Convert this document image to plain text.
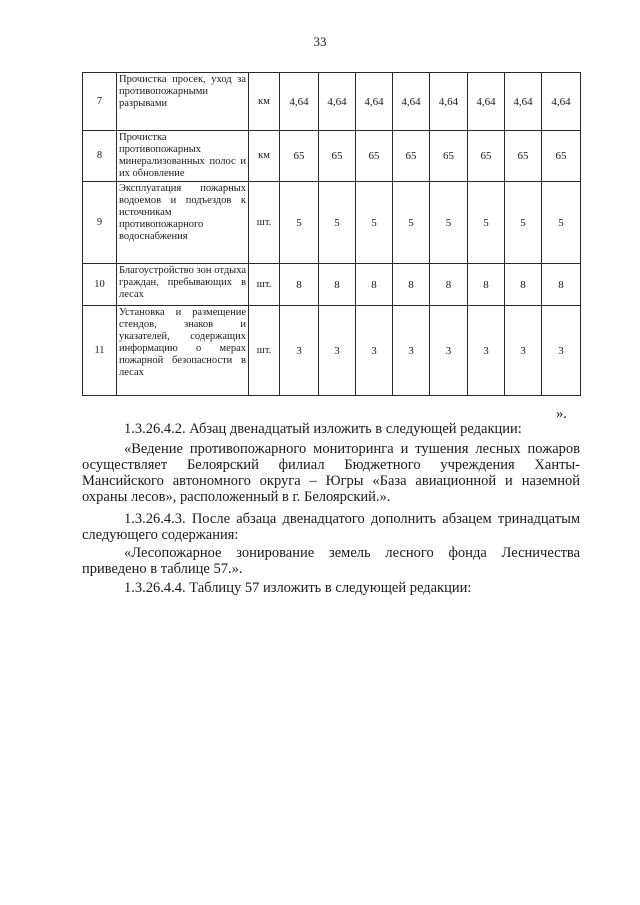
33
7	Прочистка просек, уход за противопожарными разрывами	км	4,64	4,64	4,64	4,64	4,64	4,64	4,64	4,64
8	Прочистка противопожарных минерализованных полос и их обновление	км	65	65	65	65	65	65	65	65
9	Эксплуатация пожарных водоемов и подъездов к источникам противопожарного водоснабжения	шт.	5	5	5	5	5	5	5	5
10	Благоустройство зон отдыха граждан, пребывающих в лесах	шт.	8	8	8	8	8	8	8	8
11	Установка и размещение стендов, знаков и указателей, содержащих информацию о мерах пожарной безопасности в лесах	шт.	3	3	3	3	3	3	3	3
».

1.3.26.4.2. Абзац двенадцатый изложить в следующей редакции:

«Ведение противопожарного мониторинга и тушения лесных пожаров осуществляет Белоярский филиал Бюджетного учреждения Ханты-Мансийского автономного округа – Югры «База авиационной и наземной охраны лесов», расположенный в г. Белоярский.».

1.3.26.4.3. После абзаца двенадцатого дополнить абзацем тринадцатым следующего содержания:

«Лесопожарное зонирование земель лесного фонда Лесничества приведено в таблице 57.».

1.3.26.4.4. Таблицу 57 изложить в следующей редакции:
